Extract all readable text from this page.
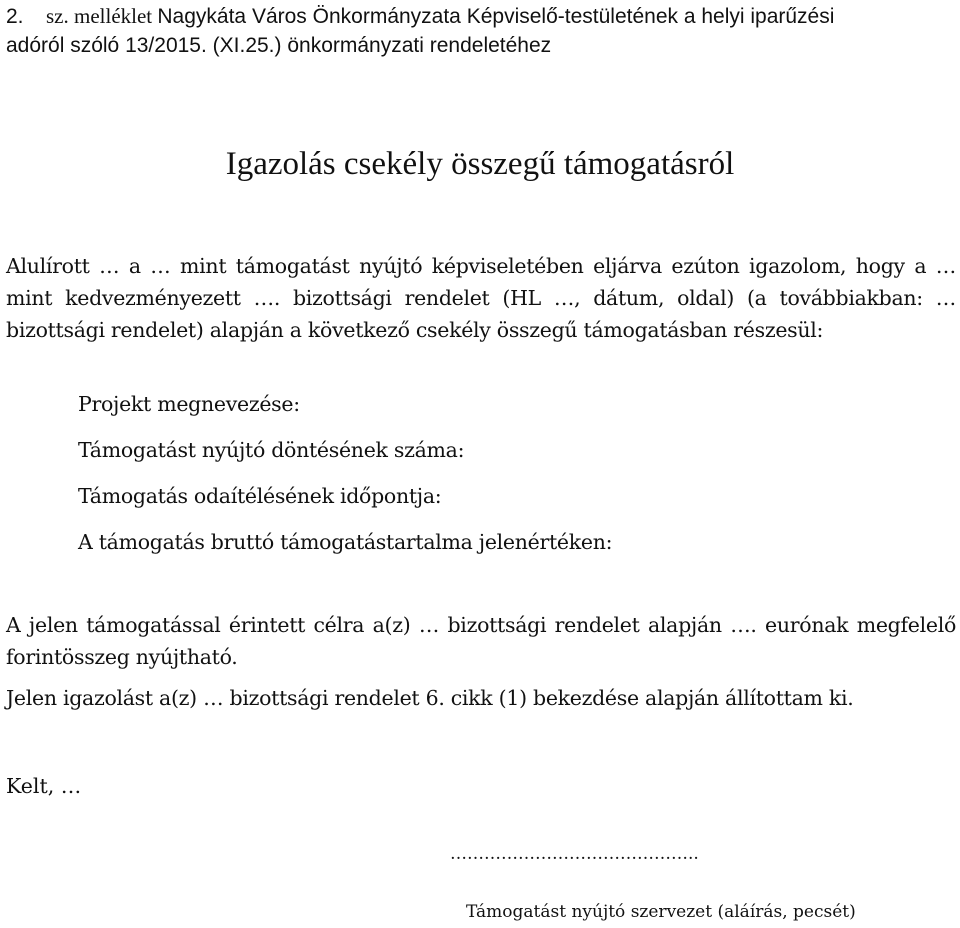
2. sz. melléklet Nagykáta Város Önkormányzata Képviselő-testületének a helyi iparűzési
adóról szóló 13/2015. (XI.25.) önkormányzati rendeletéhez
Igazolás csekély összegű támogatásról
Alulírott … a … mint támogatást nyújtó képviseletében eljárva ezúton igazolom, hogy a … mint kedvezményezett …. bizottsági rendelet (HL …, dátum, oldal) (a továbbiakban: … bizottsági rendelet) alapján a következő csekély összegű támogatásban részesül:
Projekt megnevezése:
Támogatást nyújtó döntésének száma:
Támogatás odaítélésének időpontja:
A támogatás bruttó támogatástartalma jelenértéken:
A jelen támogatással érintett célra a(z) … bizottsági rendelet alapján …. eurónak megfelelő forintösszeg nyújtható.
Jelen igazolást a(z) … bizottsági rendelet 6. cikk (1) bekezdése alapján állítottam ki.
Kelt, …
……………………………………..
Támogatást nyújtó szervezet (aláírás, pecsét)
